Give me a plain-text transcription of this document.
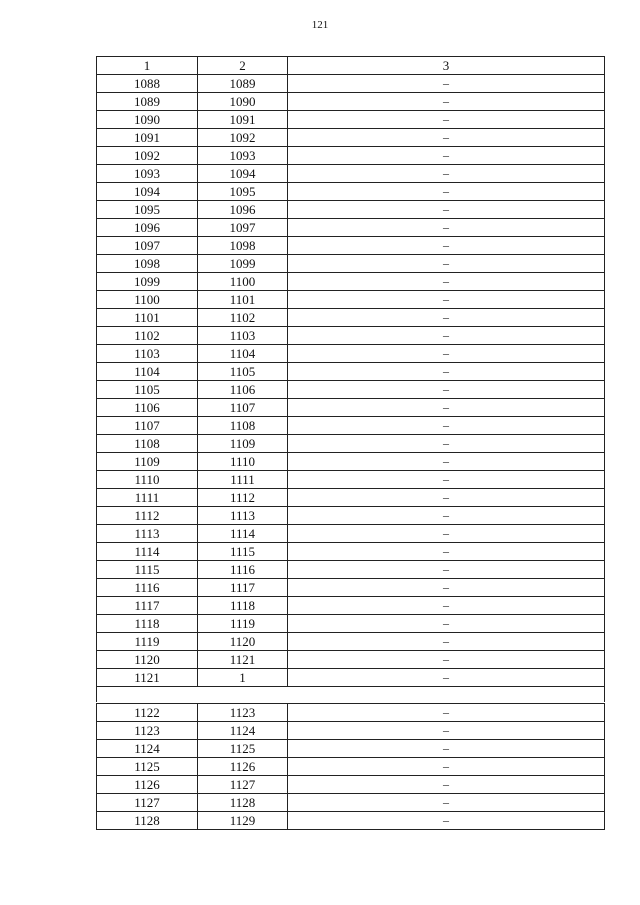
121
1	2	3
1088	1089	–
1089	1090	–
1090	1091	–
1091	1092	–
1092	1093	–
1093	1094	–
1094	1095	–
1095	1096	–
1096	1097	–
1097	1098	–
1098	1099	–
1099	1100	–
1100	1101	–
1101	1102	–
1102	1103	–
1103	1104	–
1104	1105	–
1105	1106	–
1106	1107	–
1107	1108	–
1108	1109	–
1109	1110	–
1110	1111	–
1111	1112	–
1112	1113	–
1113	1114	–
1114	1115	–
1115	1116	–
1116	1117	–
1117	1118	–
1118	1119	–
1119	1120	–
1120	1121	–
1121	1	–
1122	1123	–
1123	1124	–
1124	1125	–
1125	1126	–
1126	1127	–
1127	1128	–
1128	1129	–
